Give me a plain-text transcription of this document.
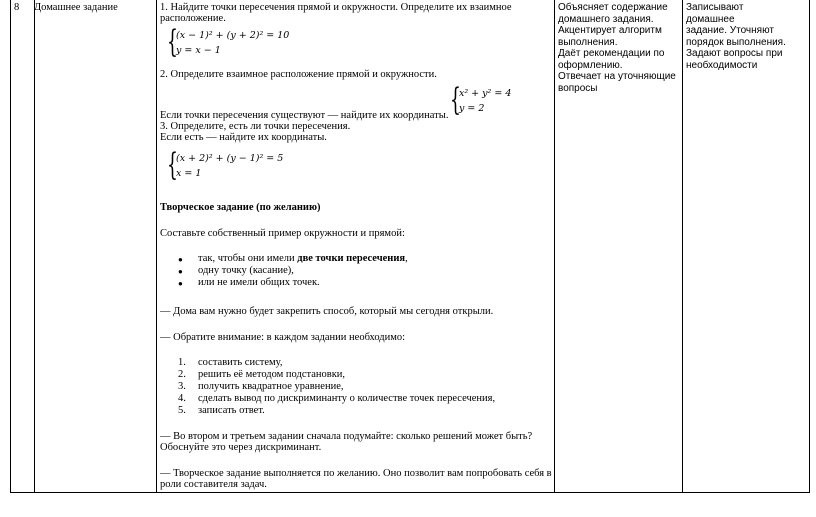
8 Домашнее задание	1. Найдите точки пересечения прямой и окружности. Определите их взаимное
расположение.
{
(x − 1)² + (y + 2)² = 10
y = x − 1
2. Определите взаимное расположение прямой и окружности.
{
x² + y² = 4
y = 2
Если точки пересечения существуют — найдите их координаты.
3. Определите, есть ли точки пересечения.
Если есть — найдите их координаты.
{
(x + 2)² + (y − 1)² = 5
x = 1
Творческое задание (по желанию)
Составьте собственный пример окружности и прямой:
● так, чтобы они имели две точки пересечения,
● одну точку (касание),
● или не имели общих точек.
— Дома вам нужно будет закрепить способ, который мы сегодня открыли.
— Обратите внимание: в каждом задании необходимо:
1. составить систему,
2. решить её методом подстановки,
3. получить квадратное уравнение,
4. сделать вывод по дискриминанту о количестве точек пересечения,
5. записать ответ.
— Во втором и третьем задании сначала подумайте: сколько решений может быть?
Обоснуйте это через дискриминант.
— Творческое задание выполняется по желанию. Оно позволит вам попробовать себя в
роли составителя задач.
Объясняет содержание
домашнего задания.
Акцентирует алгоритм
выполнения.
Даёт рекомендации по
оформлению.
Отвечает на уточняющие
вопросы
Записывают домашнее
задание. Уточняют
порядок выполнения.
Задают вопросы при
необходимости
